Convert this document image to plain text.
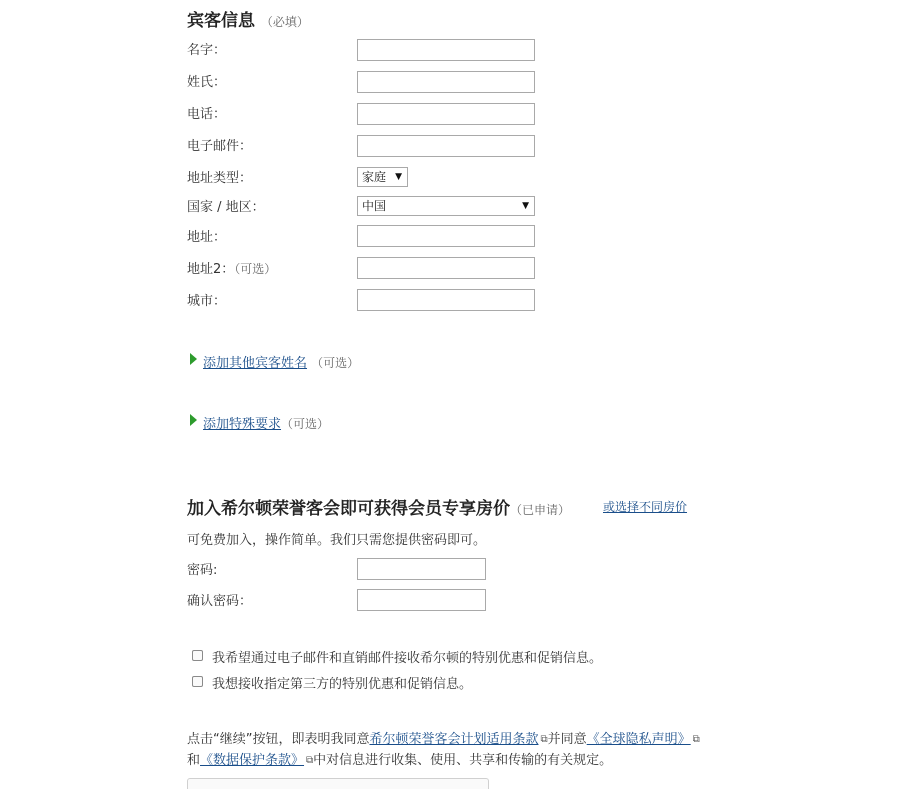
宾客信息 （必填）
名字：
姓氏：
电话：
电子邮件：
地址类型：	家庭 ▼
国家 / 地区：	中国	▼
地址：
地址2：（可选）
城市：
添加其他宾客姓名 （可选）
添加特殊要求（可选）
加入希尔顿荣誉客会即可获得会员专享房价（已申请）	或选择不同房价
可免费加入，操作简单。我们只需您提供密码即可。
密码:
确认密码：
我希望通过电子邮件和直销邮件接收希尔顿的特别优惠和促销信息。
我想接收指定第三方的特别优惠和促销信息。
点击“继续”按钮，即表明我同意希尔顿荣誉客会计划适用条款 ⧉并同意《全球隐私声明》 ⧉
和《数据保护条款》 ⧉中对信息进行收集、使用、共享和传输的有关规定。
